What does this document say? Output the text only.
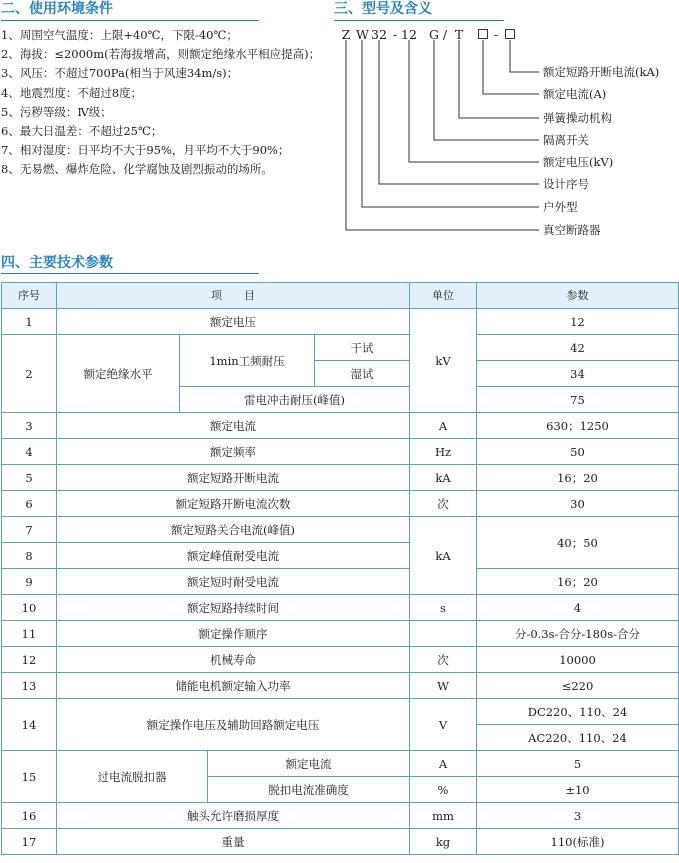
二、使用环境条件
1、周围空气温度：上限+40℃，下限-40℃；
2、海拔：≤2000m(若海拔增高，则额定绝缘水平相应提高)；
3、风压：不超过700Pa(相当于风速34m/s)；
4、地震烈度：不超过8度；
5、污秽等级：Ⅳ级；
6、最大日温差：不超过25℃；
7、相对湿度：日平均不大于95%，月平均不大于90%；
8、无易燃、爆炸危险、化学腐蚀及剧烈振动的场所。
三、型号及含义
Z W 32 - 12 G / T -
额定短路开断电流(kA)
额定电流(A)
弹簧操动机构
隔离开关
额定电压(kV)
设计序号
户外型
真空断路器
四、主要技术参数
序号	项　　目				单位	参数
1	额定电压				kV	12
2	额定绝缘水平	1min工频耐压		干试		42
				湿试		34
		雷电冲击耐压(峰值)				75
3	额定电流				A	630；1250
4	额定频率				Hz	50
5	额定短路开断电流				kA	16；20
6	额定短路开断电流次数				次	30
7	额定短路关合电流(峰值)				kA	40；50
8	额定峰值耐受电流					
9	额定短时耐受电流					16；20
10	额定短路持续时间				s	4
11	额定操作顺序					分-0.3s-合分-180s-合分
12	机械寿命				次	10000
13	储能电机额定输入功率				W	≤220
14	额定操作电压及辅助回路额定电压				V	DC220、110、24
						AC220、110、24
15	过电流脱扣器		额定电流		A	5
			脱扣电流准确度		%	±10
16	触头允许磨损厚度				mm	3
17	重量				kg	110(标准)
